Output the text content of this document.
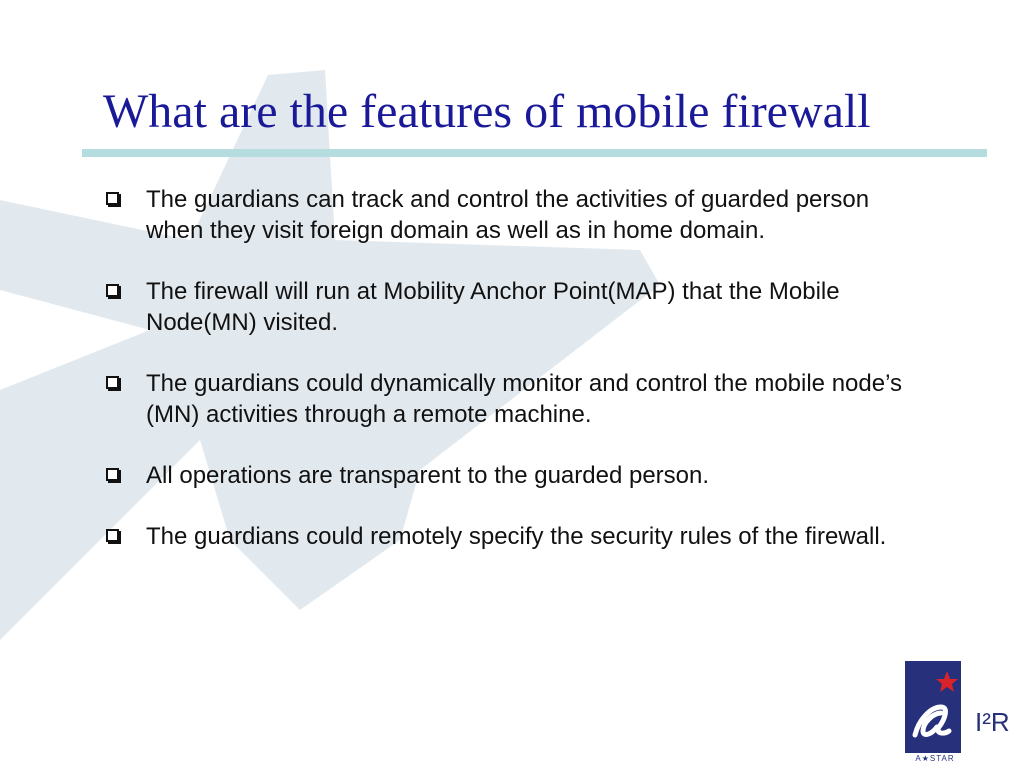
What are the features of mobile firewall
The guardians can track and control the activities of guarded person when they visit foreign domain as well as in home domain.
The firewall will run at Mobility Anchor Point(MAP) that the Mobile Node(MN) visited.
The guardians could dynamically monitor and control the mobile node’s (MN) activities through a remote machine.
All operations are transparent to the guarded person.
The guardians could remotely specify the security rules of the firewall.

A★STAR

I²R
